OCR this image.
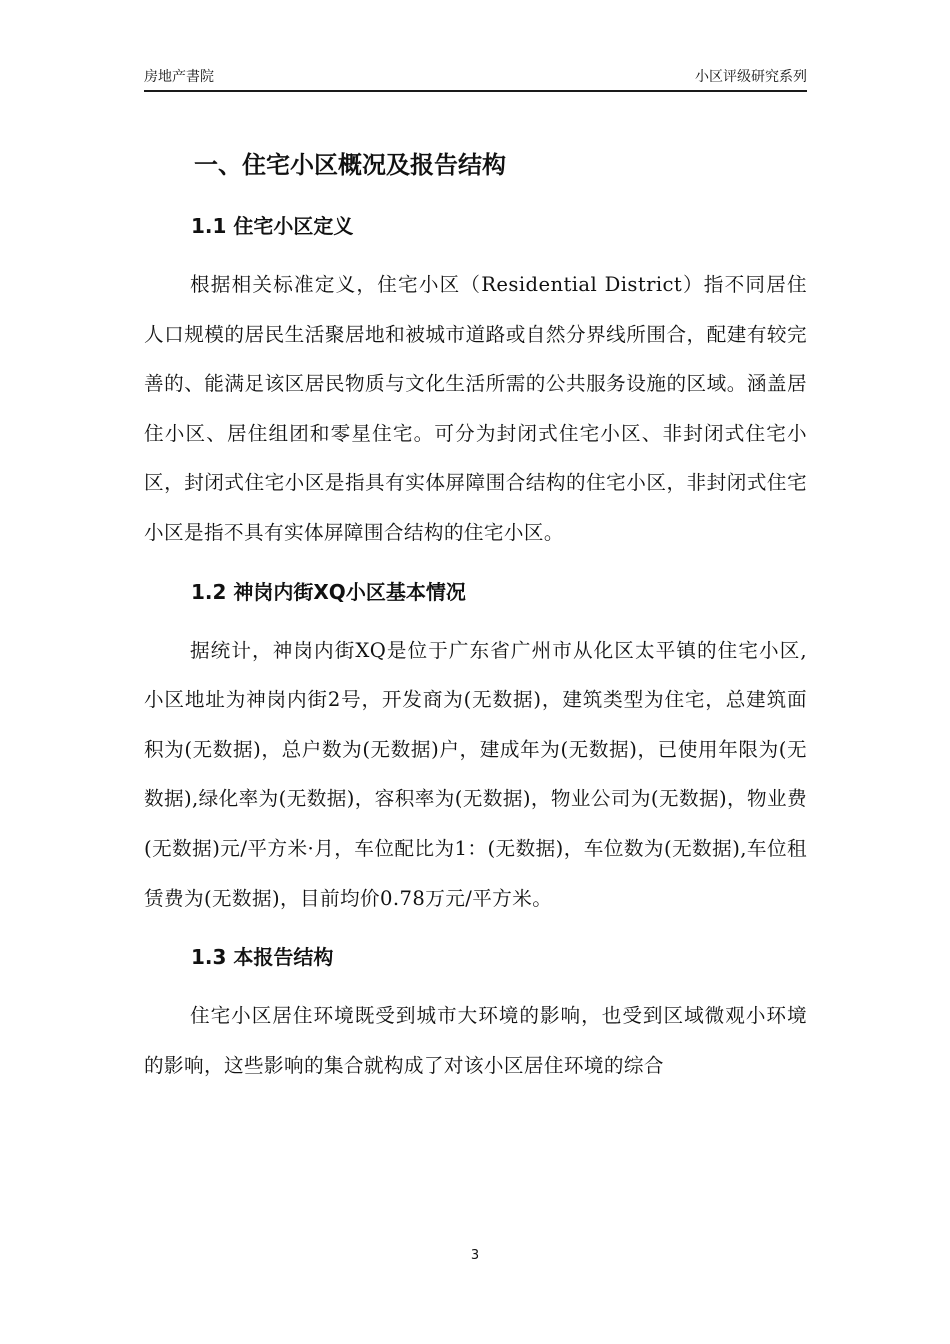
房地产書院	小区评级研究系列
一、住宅小区概况及报告结构
1.1 住宅小区定义

根据相关标准定义，住宅小区（Residential District）指不同居住人口规模的居民生活聚居地和被城市道路或自然分界线所围合，配建有较完善的、能满足该区居民物质与文化生活所需的公共服务设施的区域。涵盖居住小区、居住组团和零星住宅。可分为封闭式住宅小区、非封闭式住宅小区，封闭式住宅小区是指具有实体屏障围合结构的住宅小区，非封闭式住宅小区是指不具有实体屏障围合结构的住宅小区。

1.2 神岗内街XQ小区基本情况

据统计，神岗内街XQ是位于广东省广州市从化区太平镇的住宅小区,小区地址为神岗内街2号，开发商为(无数据)，建筑类型为住宅，总建筑面积为(无数据)，总户数为(无数据)户，建成年为(无数据)，已使用年限为(无数据),绿化率为(无数据)，容积率为(无数据)，物业公司为(无数据)，物业费(无数据)元/平方米·月，车位配比为1：(无数据)，车位数为(无数据),车位租赁费为(无数据)，目前均价0.78万元/平方米。

1.3 本报告结构

住宅小区居住环境既受到城市大环境的影响，也受到区域微观小环境的影响，这些影响的集合就构成了对该小区居住环境的综合

3
